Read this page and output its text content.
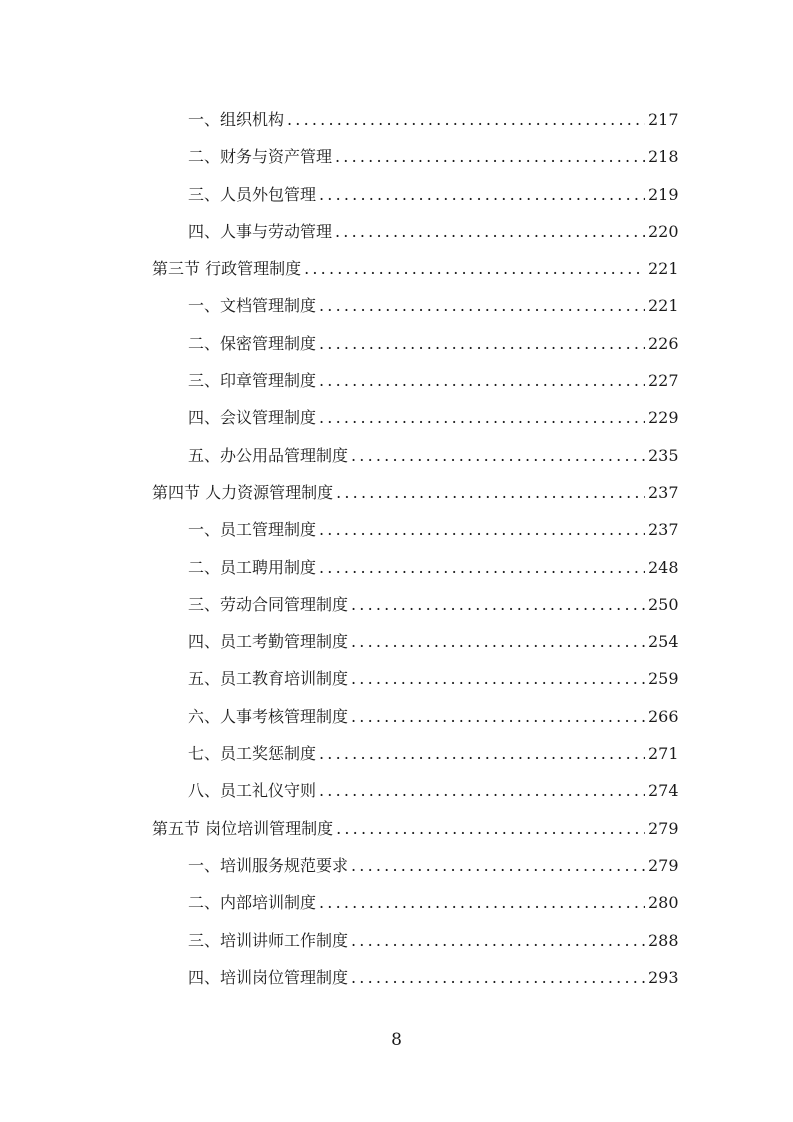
一、组织机构 .....	217
二、财务与资产管理 .....	218
三、人员外包管理 .....	219
四、人事与劳动管理 .....	220
第三节 行政管理制度 .....	221
一、文档管理制度 .....	221
二、保密管理制度 .....	226
三、印章管理制度 .....	227
四、会议管理制度 .....	229
五、办公用品管理制度 .....	235
第四节 人力资源管理制度 .....	237
一、员工管理制度 .....	237
二、员工聘用制度 .....	248
三、劳动合同管理制度 .....	250
四、员工考勤管理制度 .....	254
五、员工教育培训制度 .....	259
六、人事考核管理制度 .....	266
七、员工奖惩制度 .....	271
八、员工礼仪守则 .....	274
第五节 岗位培训管理制度 .....	279
一、培训服务规范要求 .....	279
二、内部培训制度 .....	280
三、培训讲师工作制度 .....	288
四、培训岗位管理制度 .....	293
8
